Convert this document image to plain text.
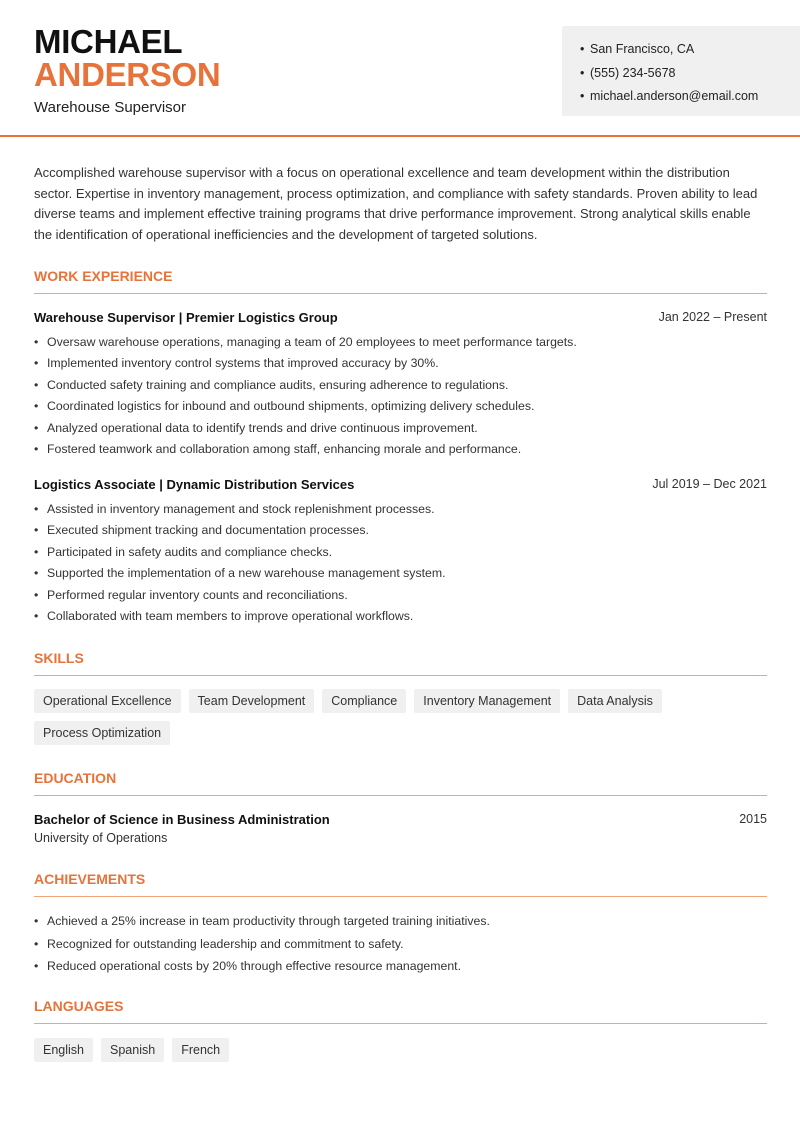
MICHAEL
ANDERSON
Warehouse Supervisor
• San Francisco, CA
• (555) 234-5678
• michael.anderson@email.com

Accomplished warehouse supervisor with a focus on operational excellence and team development within the distribution sector. Expertise in inventory management, process optimization, and compliance with safety standards. Proven ability to lead diverse teams and implement effective training programs that drive performance improvement. Strong analytical skills enable the identification of operational inefficiencies and the development of targeted solutions.

WORK EXPERIENCE
Warehouse Supervisor | Premier Logistics Group	Jan 2022 – Present
• Oversaw warehouse operations, managing a team of 20 employees to meet performance targets.
• Implemented inventory control systems that improved accuracy by 30%.
• Conducted safety training and compliance audits, ensuring adherence to regulations.
• Coordinated logistics for inbound and outbound shipments, optimizing delivery schedules.
• Analyzed operational data to identify trends and drive continuous improvement.
• Fostered teamwork and collaboration among staff, enhancing morale and performance.
Logistics Associate | Dynamic Distribution Services	Jul 2019 – Dec 2021
• Assisted in inventory management and stock replenishment processes.
• Executed shipment tracking and documentation processes.
• Participated in safety audits and compliance checks.
• Supported the implementation of a new warehouse management system.
• Performed regular inventory counts and reconciliations.
• Collaborated with team members to improve operational workflows.
SKILLS
Operational Excellence	Team Development	Compliance	Inventory Management	Data Analysis
Process Optimization
EDUCATION
Bachelor of Science in Business Administration	2015
University of Operations
ACHIEVEMENTS
• Achieved a 25% increase in team productivity through targeted training initiatives.
• Recognized for outstanding leadership and commitment to safety.
• Reduced operational costs by 20% through effective resource management.
LANGUAGES
English	Spanish	French
